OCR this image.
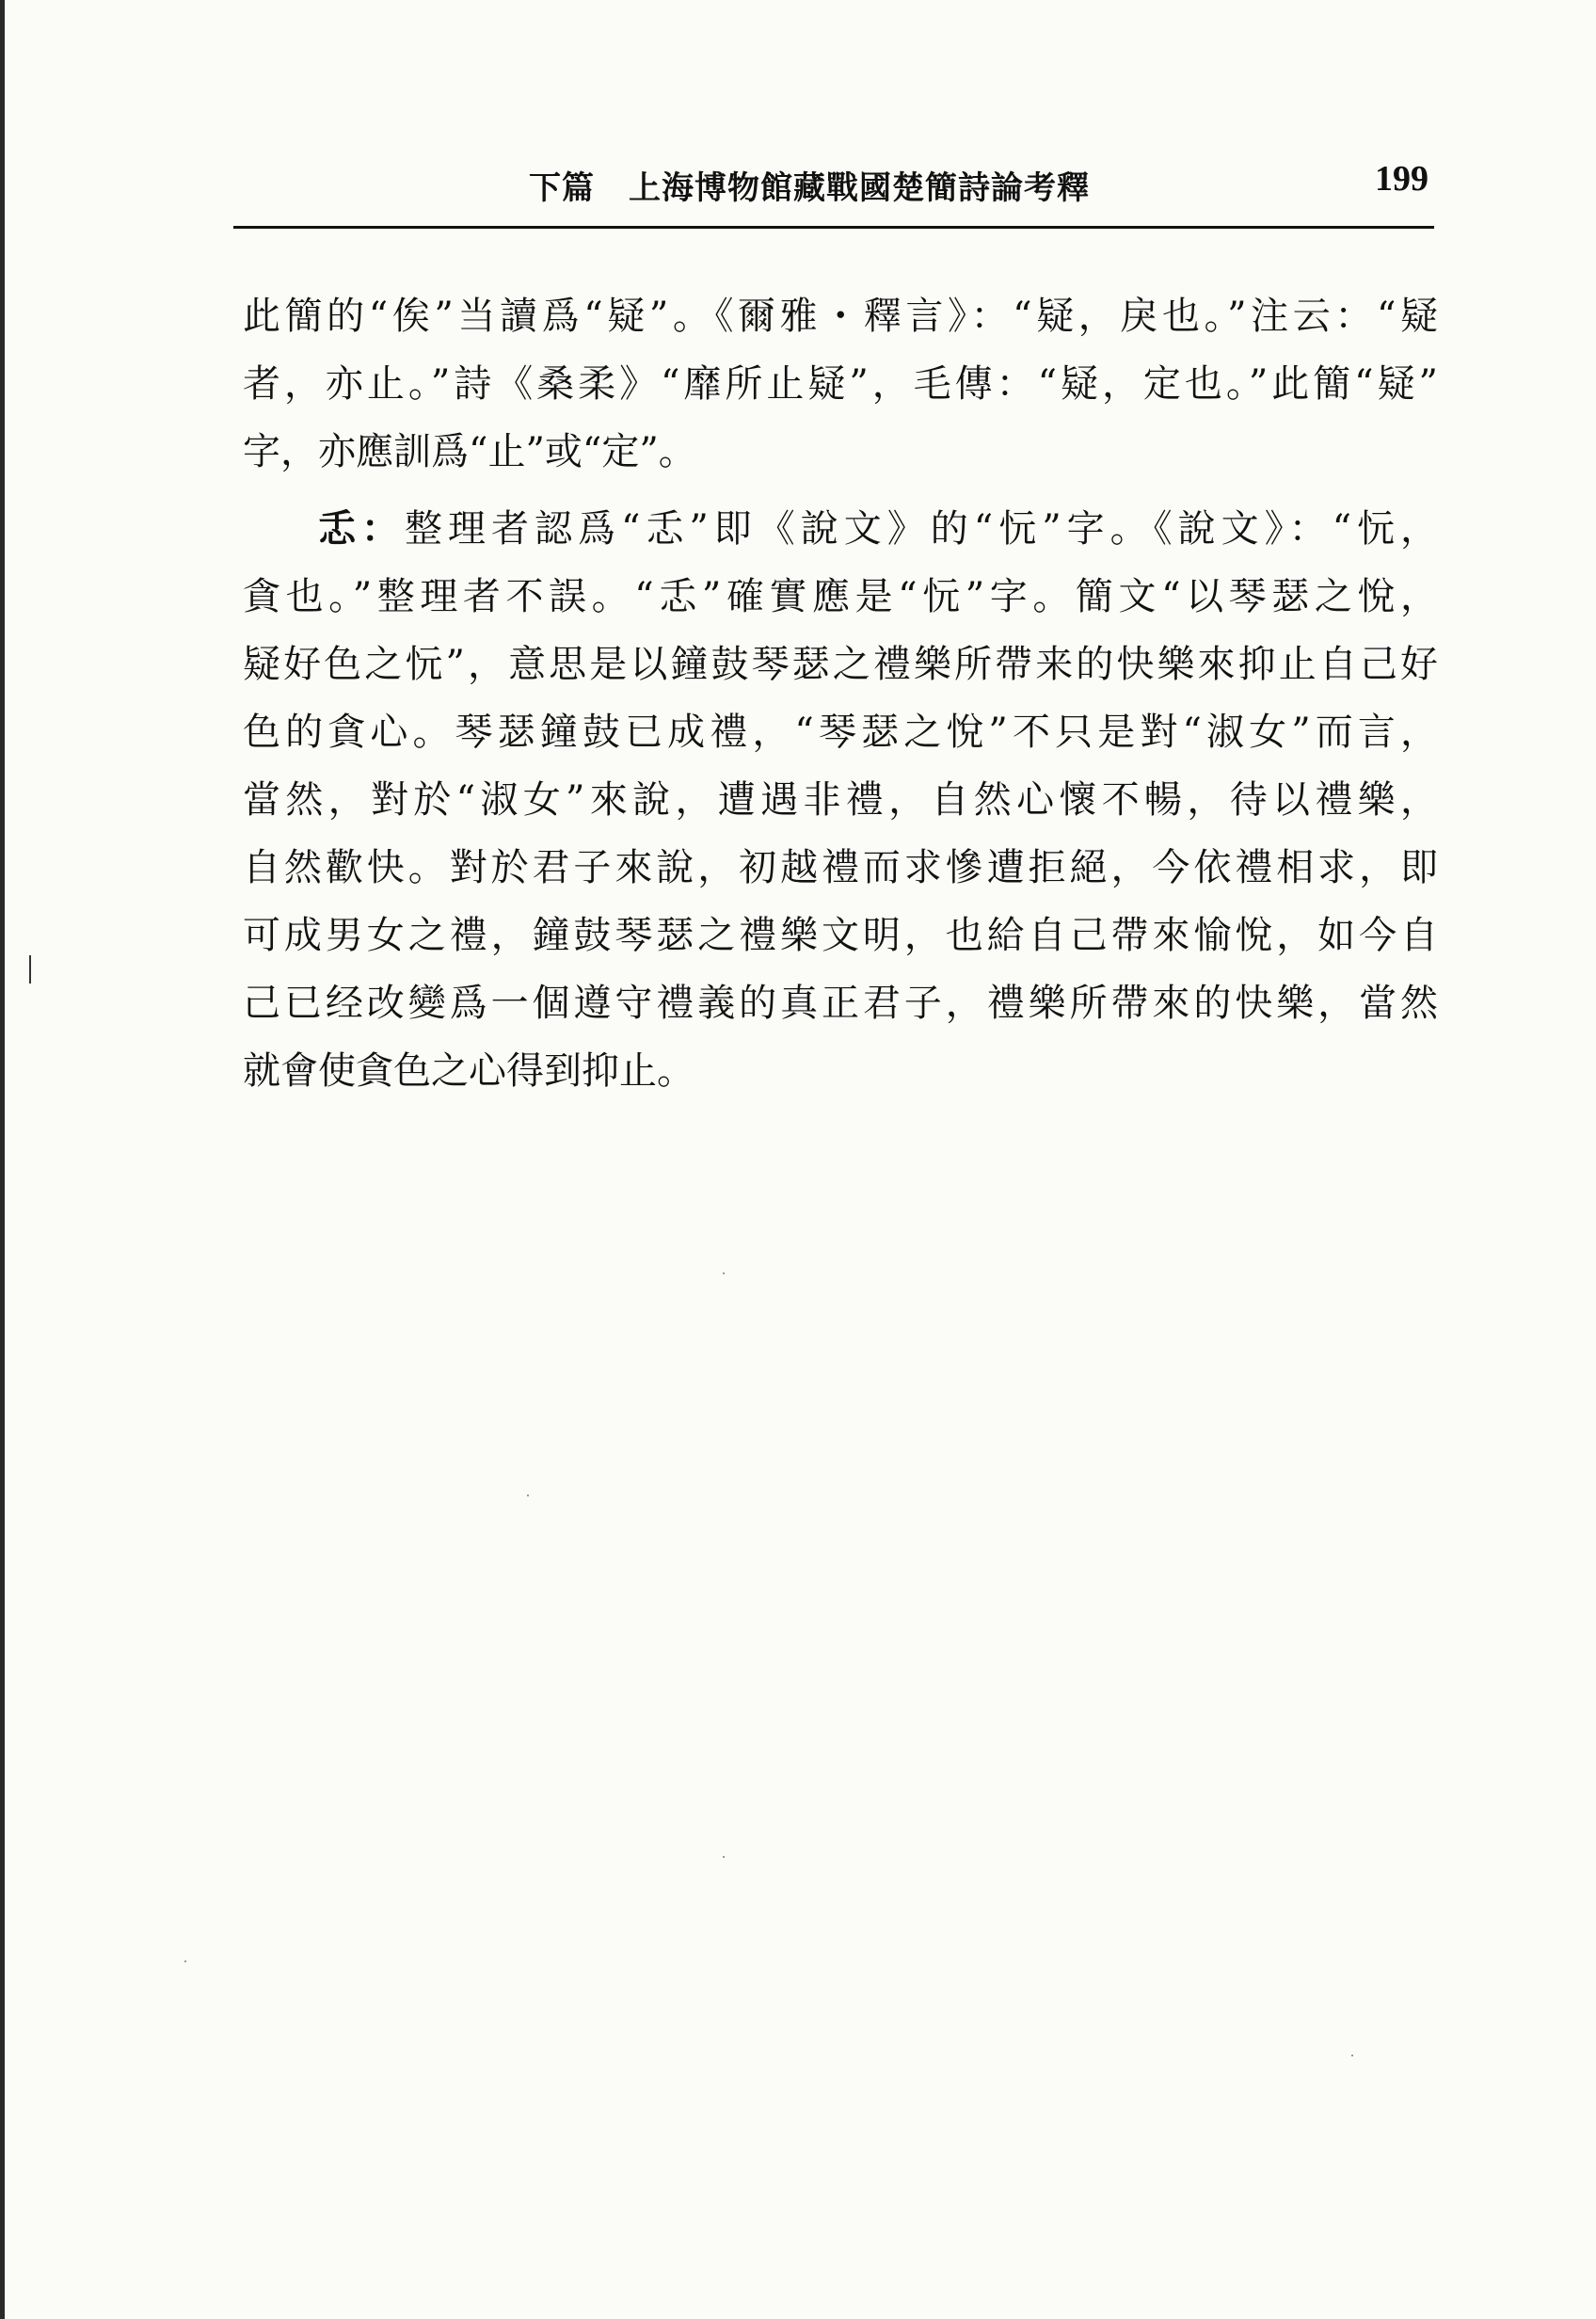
下篇 上海博物館藏戰國楚簡詩論考釋	199
此簡的“俟”当讀爲“疑”。《爾雅・釋言》：“疑，戾也。”注云：“疑
者，亦止。”詩《桑柔》“靡所止疑”，毛傳：“疑，定也。”此簡“疑”
字，亦應訓爲“止”或“定”。
忎：整理者認爲“忎”即《說文》的“忨”字。《說文》：“忨，
貪也。”整理者不誤。“忎”確實應是“忨”字。簡文“以琴瑟之悅，
疑好色之忨”，意思是以鐘鼓琴瑟之禮樂所帶来的快樂來抑止自己好
色的貪心。琴瑟鐘鼓已成禮，“琴瑟之悅”不只是對“淑女”而言，
當然，對於“淑女”來說，遭遇非禮，自然心懷不暢，待以禮樂，
自然歡快。對於君子來說，初越禮而求慘遭拒絕，今依禮相求，即
可成男女之禮，鐘鼓琴瑟之禮樂文明，也給自己帶來愉悅，如今自
己已经改變爲一個遵守禮義的真正君子，禮樂所帶來的快樂，當然
就會使貪色之心得到抑止。
